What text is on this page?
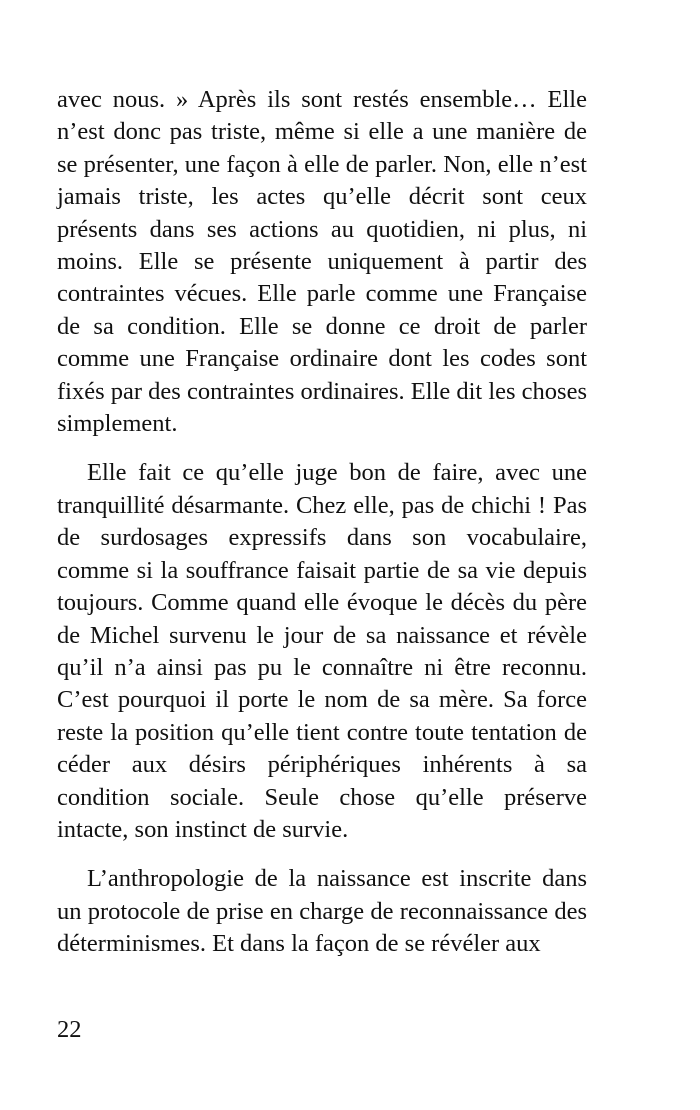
avec nous. » Après ils sont restés ensemble… Elle n’est donc pas triste, même si elle a une manière de se présenter, une façon à elle de parler. Non, elle n’est jamais triste, les actes qu’elle décrit sont ceux présents dans ses actions au quotidien, ni plus, ni moins. Elle se présente uniquement à partir des contraintes vécues. Elle parle comme une Française de sa condition. Elle se donne ce droit de parler comme une Française ordinaire dont les codes sont fixés par des contraintes ordinaires. Elle dit les choses simplement.

Elle fait ce qu’elle juge bon de faire, avec une tranquillité désarmante. Chez elle, pas de chichi ! Pas de surdosages expressifs dans son vocabulaire, comme si la souffrance faisait partie de sa vie depuis toujours. Comme quand elle évoque le décès du père de Michel survenu le jour de sa naissance et révèle qu’il n’a ainsi pas pu le connaître ni être reconnu. C’est pourquoi il porte le nom de sa mère. Sa force reste la position qu’elle tient contre toute tentation de céder aux désirs périphériques inhérents à sa condition sociale. Seule chose qu’elle préserve intacte, son instinct de survie.

L’anthropologie de la naissance est inscrite dans un protocole de prise en charge de reconnaissance des déterminismes. Et dans la façon de se révéler aux

22
